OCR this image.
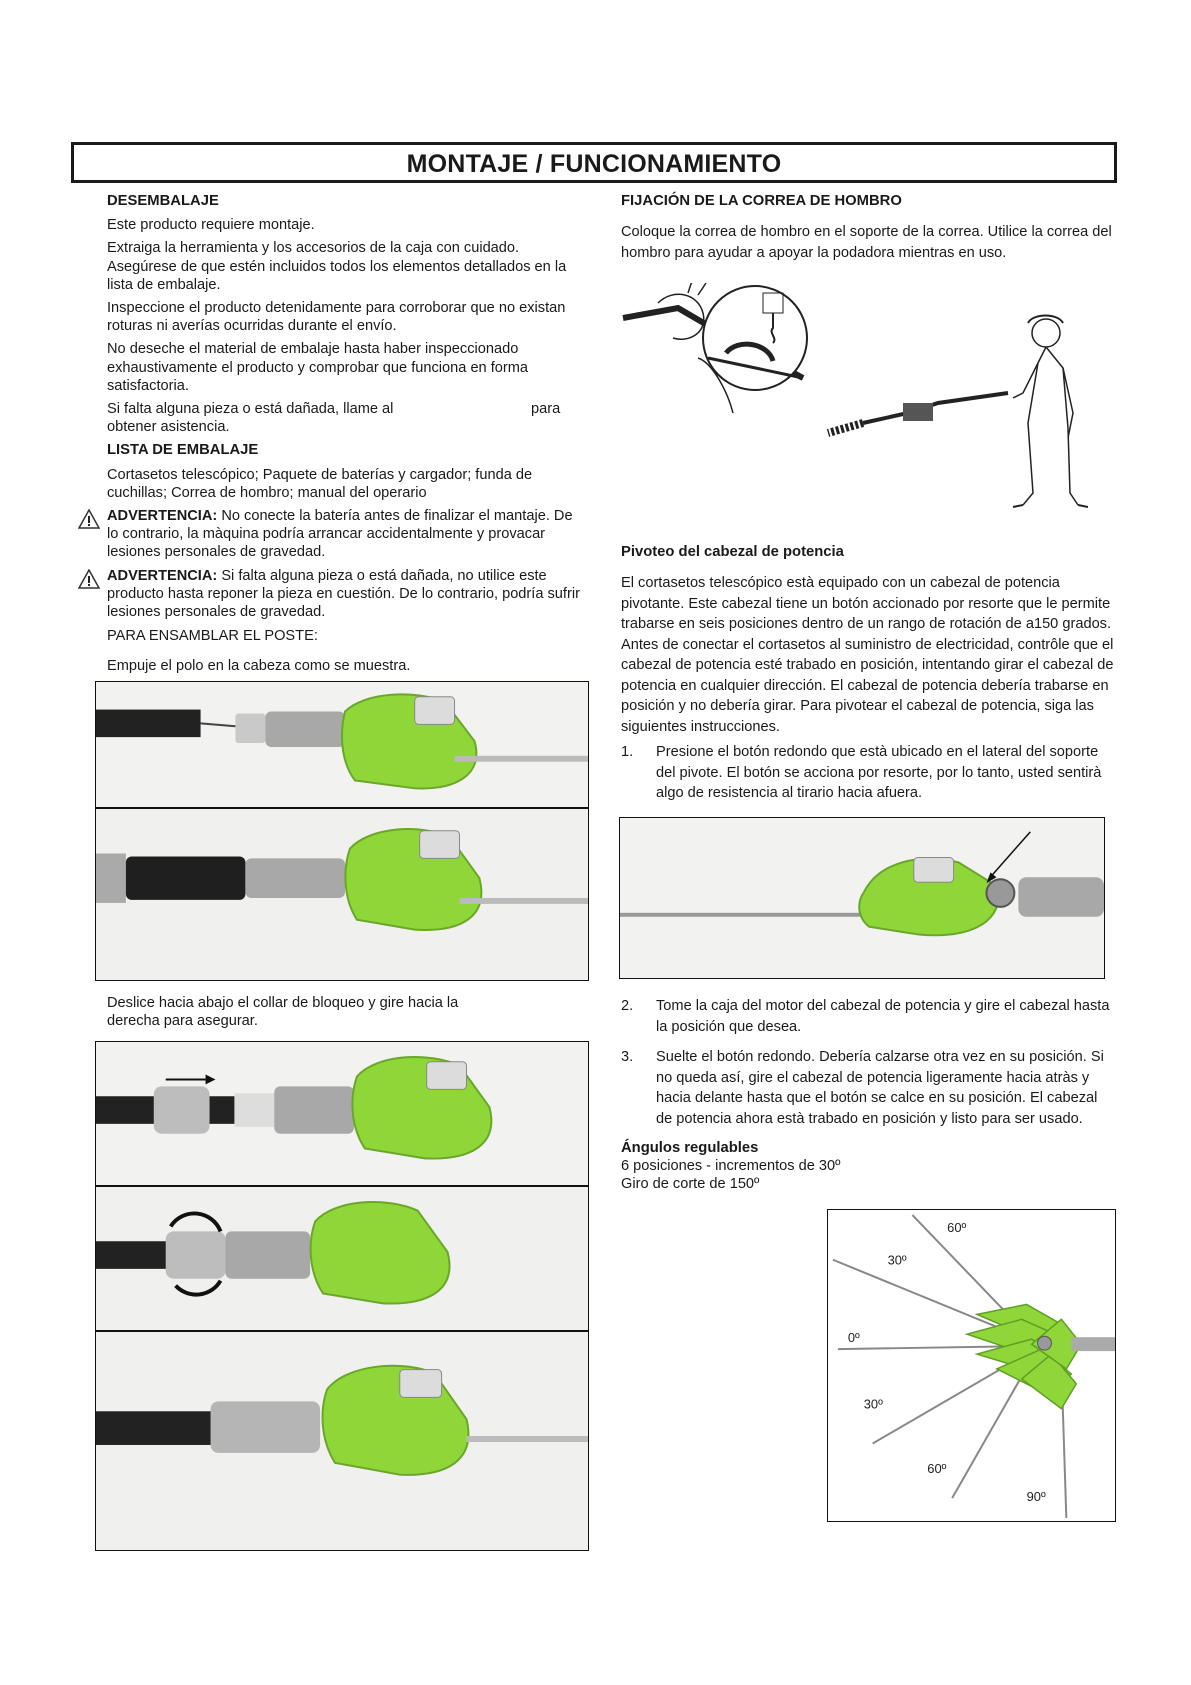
MONTAJE / FUNCIONAMIENTO
DESEMBALAJE

Este producto requiere montaje.

Extraiga la herramienta y los accesorios de la caja con cuidado. Asegúrese de que estén incluidos todos los elementos detallados en la lista de embalaje.

Inspeccione el producto detenidamente para corroborar que no existan roturas ni averías ocurridas durante el envío.

No deseche el material de embalaje hasta haber inspeccionado exhaustivamente el producto y comprobar que funciona en forma satisfactoria.

Si falta alguna pieza o está dañada, llame al	para

obtener asistencia.

LISTA DE EMBALAJE

Cortasetos telescópico; Paquete de baterías y cargador; funda de cuchillas; Correa de hombro; manual del operario

ADVERTENCIA: No conecte la batería antes de finalizar el mantaje. De lo contrario, la màquina podría arrancar accidentalmente y provacar lesiones personales de gravedad.

ADVERTENCIA: Si falta alguna pieza o está dañada, no utilice este producto hasta reponer la pieza en cuestión. De lo contrario, podría sufrir lesiones personales de gravedad.

PARA ENSAMBLAR EL POSTE:

Empuje el polo en la cabeza como se muestra.

Deslice hacia abajo el collar de bloqueo y gire hacia la derecha para asegurar.

FIJACIÓN DE LA CORREA DE HOMBRO

Coloque la correa de hombro en el soporte de la correa. Utilice la correa del hombro para ayudar a apoyar la podadora mientras en uso.

Pivoteo del cabezal de potencia

El cortasetos telescópico està equipado con un cabezal de potencia pivotante. Este cabezal tiene un botón accionado por resorte que le permite trabarse en seis posiciones dentro de un rango de rotación de a150 grados. Antes de conectar el cortasetos al suministro de electricidad, contrôle que el cabezal de potencia esté trabado en posición, intentando girar el cabezal de potencia en cualquier dirección. El cabezal de potencia debería trabarse en posición y no debería girar. Para pivotear el cabezal de potencia, siga las siguientes instrucciones.

1. Presione el botón redondo que està ubicado en el lateral del soporte del pivote. El botón se acciona por resorte, por lo tanto, usted sentirà algo de resistencia al tirario hacia afuera.
2. Tome la caja del motor del cabezal de potencia y gire el cabezal hasta la posición que desea.
3. Suelte el botón redondo. Debería calzarse otra vez en su posición. Si no queda así, gire el cabezal de potencia ligeramente hacia atràs y hacia delante hasta que el botón se calce en su posición. El cabezal de potencia ahora està trabado en posición y listo para ser usado.
Ángulos regulables
6 posiciones - incrementos de 30º
Giro de corte de 150º
60º
30º
0º
30º
60º
90º
